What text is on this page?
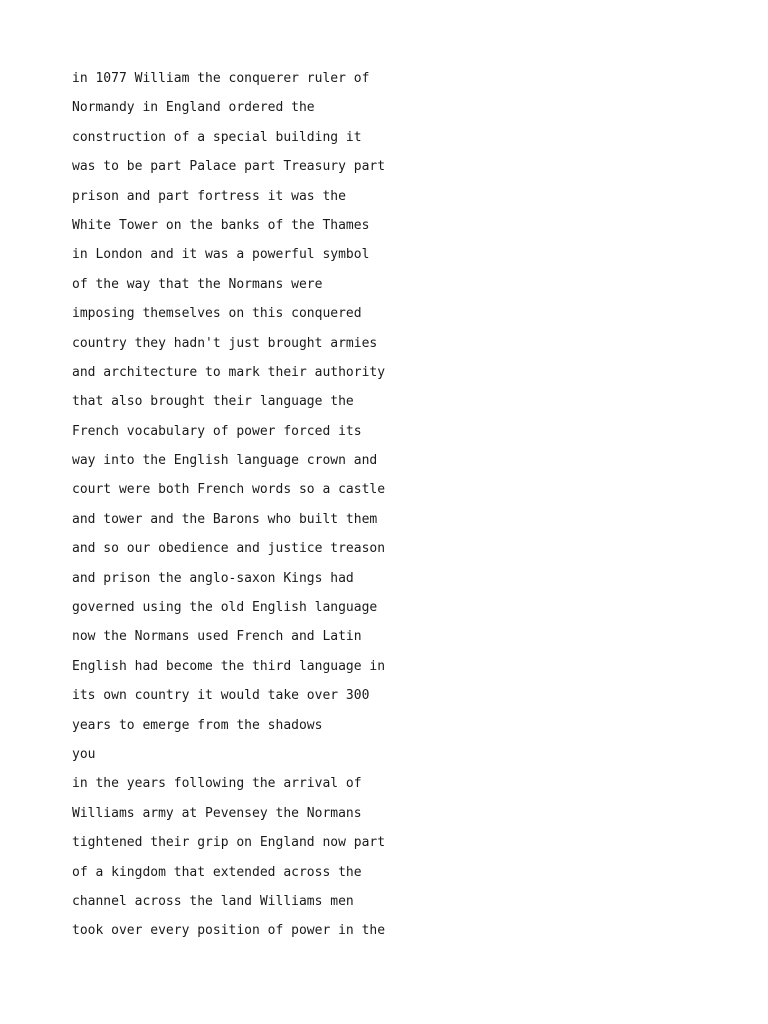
in 1077 William the conquerer ruler of
Normandy in England ordered the
construction of a special building it
was to be part Palace part Treasury part
prison and part fortress it was the
White Tower on the banks of the Thames
in London and it was a powerful symbol
of the way that the Normans were
imposing themselves on this conquered
country they hadn't just brought armies
and architecture to mark their authority
that also brought their language the
French vocabulary of power forced its
way into the English language crown and
court were both French words so a castle
and tower and the Barons who built them
and so our obedience and justice treason
and prison the anglo-saxon Kings had
governed using the old English language
now the Normans used French and Latin
English had become the third language in
its own country it would take over 300
years to emerge from the shadows
you
in the years following the arrival of
Williams army at Pevensey the Normans
tightened their grip on England now part
of a kingdom that extended across the
channel across the land Williams men
took over every position of power in the
